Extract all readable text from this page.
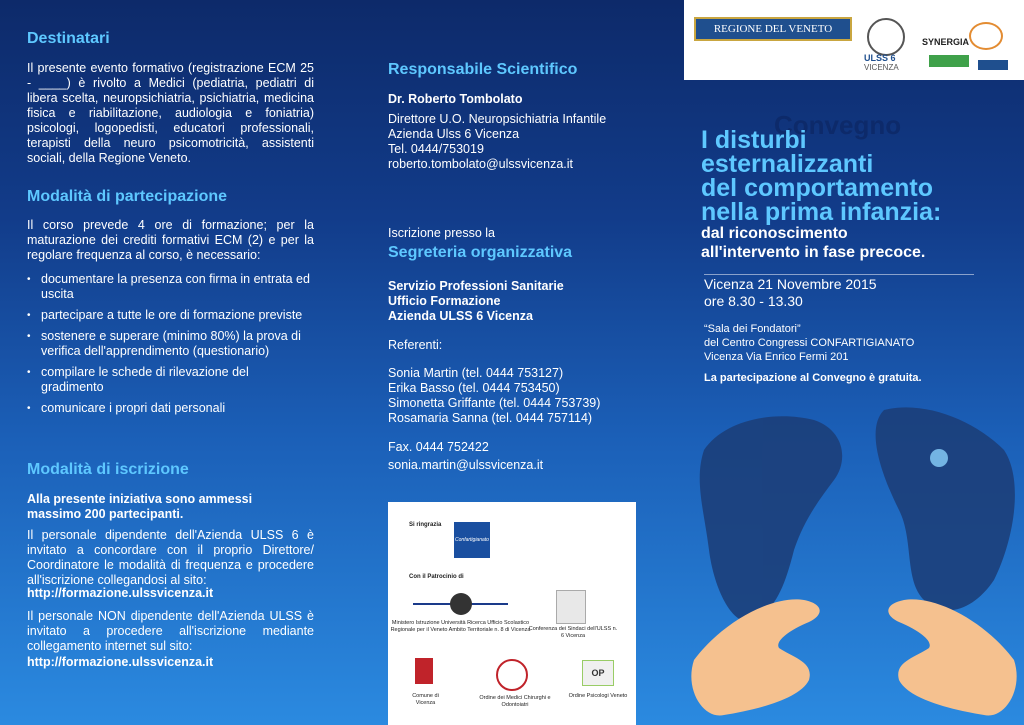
Destinatari
Il presente evento formativo (registrazione ECM 25 - ____) è rivolto a Medici (pediatria, pediatri di libera scelta, neuropsichiatria, psichiatria, medicina fisica e riabilitazione, audiologia e foniatria) psicologi, logopedisti, educatori professionali, terapisti della neuro psicomotricità, assistenti sociali, della Regione Veneto.
Modalità di partecipazione
Il corso prevede 4 ore di formazione; per la maturazione dei crediti formativi ECM (2) e per la regolare frequenza al corso, è necessario:
• documentare la presenza con firma in entrata ed uscita
• partecipare a tutte le ore di formazione previste
• sostenere e superare (minimo 80%) la prova di verifica dell'apprendimento (questionario)
• compilare le schede di rilevazione del gradimento
• comunicare i propri dati personali
Modalità di iscrizione
Alla presente iniziativa sono ammessi massimo 200 partecipanti.
Il personale dipendente dell'Azienda ULSS 6 è invitato a concordare con il proprio Direttore/ Coordinatore le modalità di frequenza e procedere all'iscrizione collegandosi al sito:
http://formazione.ulssvicenza.it
Il personale NON dipendente dell'Azienda ULSS è invitato a procedere all'iscrizione mediante collegamento internet sul sito:
http://formazione.ulssvicenza.it
Responsabile Scientifico
Dr. Roberto Tombolato
Direttore U.O. Neuropsichiatria Infantile
Azienda Ulss 6 Vicenza
Tel. 0444/753019
roberto.tombolato@ulssvicenza.it
Iscrizione presso la
Segreteria organizzativa
Servizio Professioni Sanitarie
Ufficio Formazione
Azienda ULSS 6 Vicenza
Referenti:
Sonia Martin (tel. 0444 753127)
Erika Basso (tel. 0444 753450)
Simonetta Griffante (tel. 0444 753739)
Rosamaria Sanna (tel. 0444 757114)
Fax. 0444 752422
sonia.martin@ulssvicenza.it
Si ringrazia
Confartigianato
Con il Patrocinio di
Ministero Istruzione Università Ricerca Ufficio Scolastico Regionale per il Veneto Ambito Territoriale n. 8 di Vicenza
Conferenza dei Sindaci dell'ULSS n. 6 Vicenza
Comune di Vicenza
Ordine dei Medici Chirurghi e Odontoiatri
OP
Ordine Psicologi Veneto
REGIONE DEL VENETO
ULSS 6
VICENZA
SYNERGIA
Convegno
I disturbi
esternalizzanti
del comportamento
nella prima infanzia:
dal riconoscimento
all'intervento in fase precoce.
Vicenza 21 Novembre 2015
ore 8.30 - 13.30
“Sala dei Fondatori”
del Centro Congressi CONFARTIGIANATO
Vicenza Via Enrico Fermi 201
La partecipazione al Convegno è gratuita.
